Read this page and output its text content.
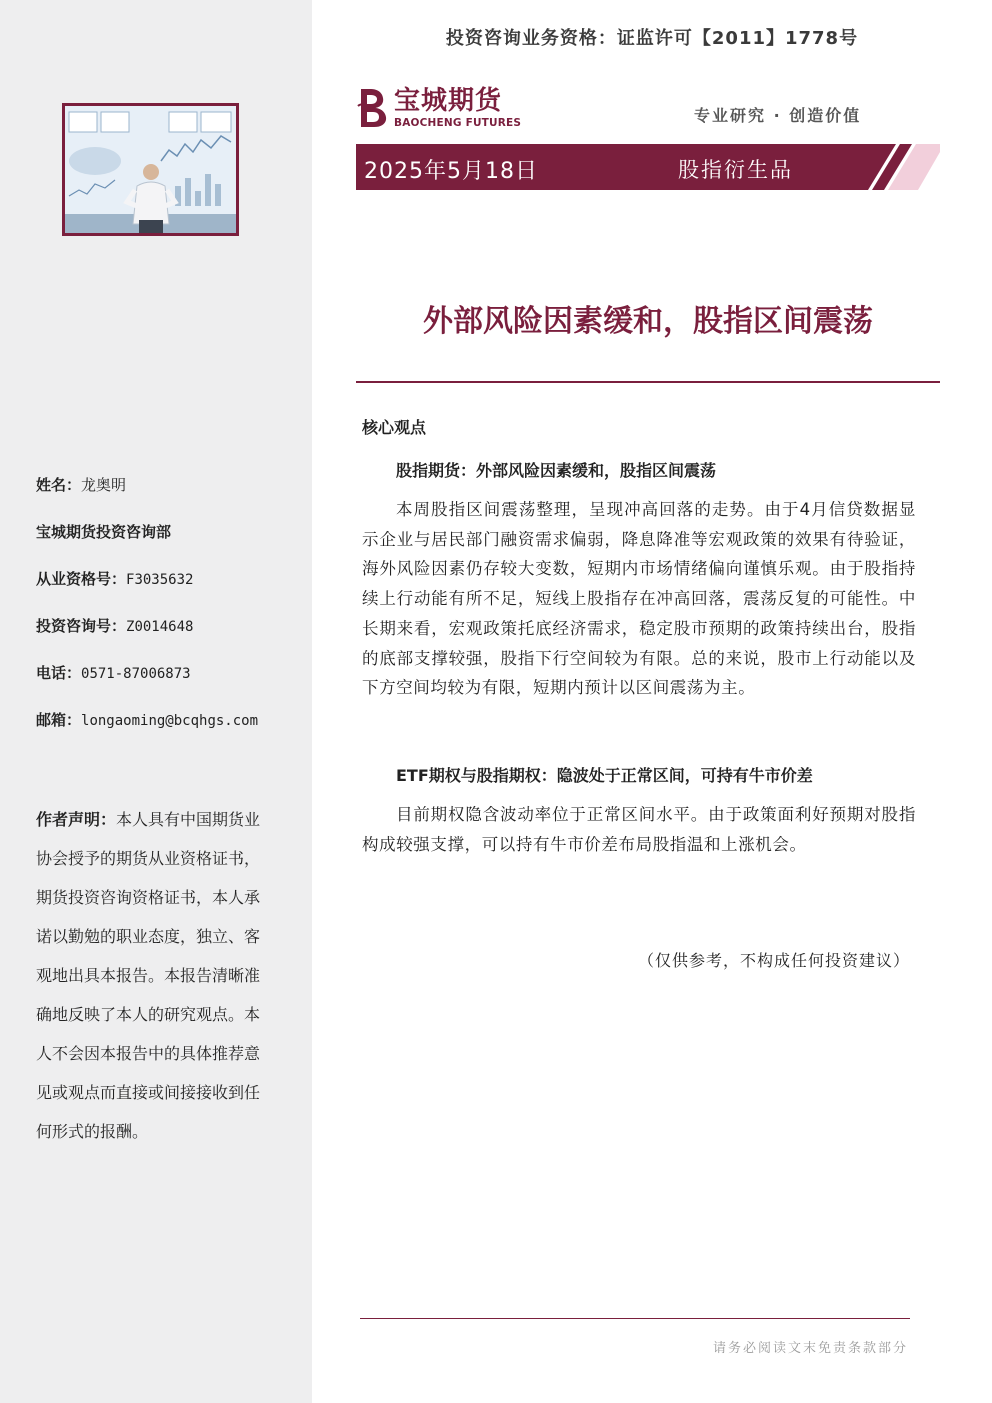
姓名：龙奥明
宝城期货投资咨询部
从业资格号：F3035632
投资咨询号：Z0014648
电话：0571-87006873
邮箱：longaoming@bcqhgs.com
作者声明：本人具有中国期货业协会授予的期货从业资格证书，期货投资咨询资格证书，本人承诺以勤勉的职业态度，独立、客观地出具本报告。本报告清晰准确地反映了本人的研究观点。本人不会因本报告中的具体推荐意见或观点而直接或间接接收到任何形式的报酬。
投资咨询业务资格：证监许可【2011】1778号
宝城期货
BAOCHENG FUTURES	专业研究 · 创造价值
2025年5月18日	股指衍生品
外部风险因素缓和，股指区间震荡
核心观点
股指期货：外部风险因素缓和，股指区间震荡
本周股指区间震荡整理，呈现冲高回落的走势。由于4月信贷数据显示企业与居民部门融资需求偏弱，降息降准等宏观政策的效果有待验证，海外风险因素仍存较大变数，短期内市场情绪偏向谨慎乐观。由于股指持续上行动能有所不足，短线上股指存在冲高回落，震荡反复的可能性。中长期来看，宏观政策托底经济需求，稳定股市预期的政策持续出台，股指的底部支撑较强，股指下行空间较为有限。总的来说，股市上行动能以及下方空间均较为有限，短期内预计以区间震荡为主。
ETF期权与股指期权：隐波处于正常区间，可持有牛市价差
目前期权隐含波动率位于正常区间水平。由于政策面利好预期对股指构成较强支撑，可以持有牛市价差布局股指温和上涨机会。
（仅供参考，不构成任何投资建议）
请务必阅读文末免责条款部分
